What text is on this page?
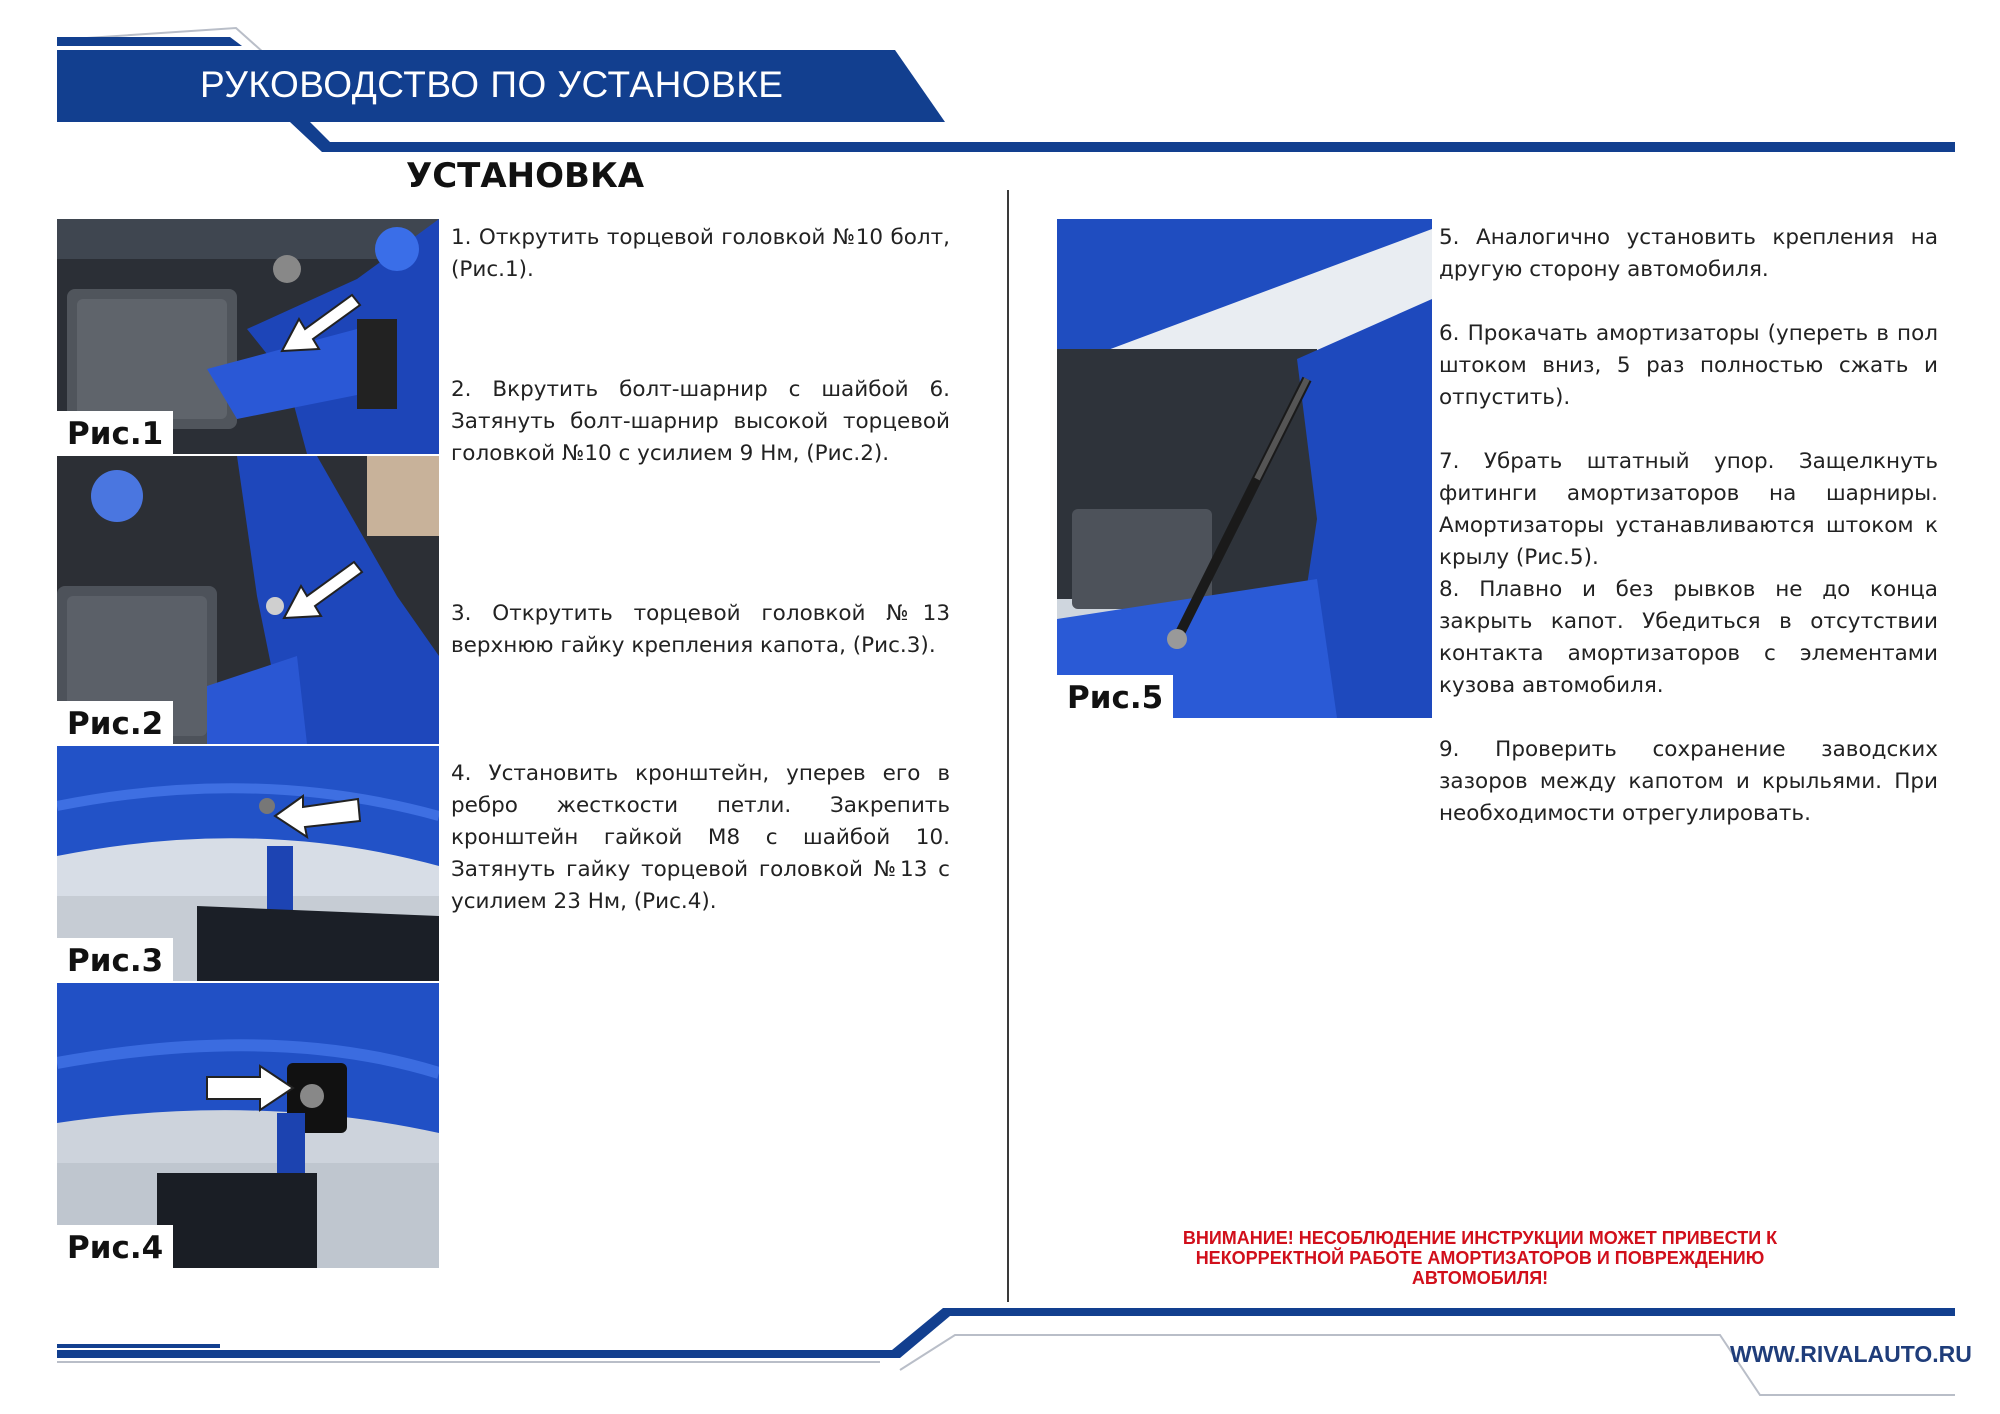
РУКОВОДСТВО ПО УСТАНОВКЕ
УСТАНОВКА
Рис.1
Рис.2
Рис.3
Рис.4
Рис.5
1. Открутить торцевой головкой №10 болт, (Рис.1).
2. Вкрутить болт-шарнир с шайбой 6. Затянуть болт-шарнир высокой торцевой головкой №10 с усилием 9 Нм, (Рис.2).
3. Открутить торцевой головкой №13 верхнюю гайку крепления капота, (Рис.3).
4. Установить кронштейн, уперев его в ребро жесткости петли. Закрепить кронштейн гайкой М8 с шайбой 10. Затянуть гайку торцевой головкой №13 с усилием 23 Нм, (Рис.4).
5. Аналогично установить крепления на другую сторону автомобиля.
6. Прокачать амортизаторы (упереть в пол штоком вниз, 5 раз полностью сжать и отпустить).
7. Убрать штатный упор. Защелкнуть фитинги амортизаторов на шарниры. Амортизаторы устанавливаются штоком к крылу (Рис.5).
8. Плавно и без рывков не до конца закрыть капот. Убедиться в отсутствии контакта амортизаторов с элементами кузова автомобиля.
9. Проверить сохранение заводских зазоров между капотом и крыльями. При необходимости отрегулировать.
ВНИМАНИЕ! НЕСОБЛЮДЕНИЕ ИНСТРУКЦИИ МОЖЕТ ПРИВЕСТИ К НЕКОРРЕКТНОЙ РАБОТЕ АМОРТИЗАТОРОВ И ПОВРЕЖДЕНИЮ АВТОМОБИЛЯ!
WWW.RIVALAUTO.RU
